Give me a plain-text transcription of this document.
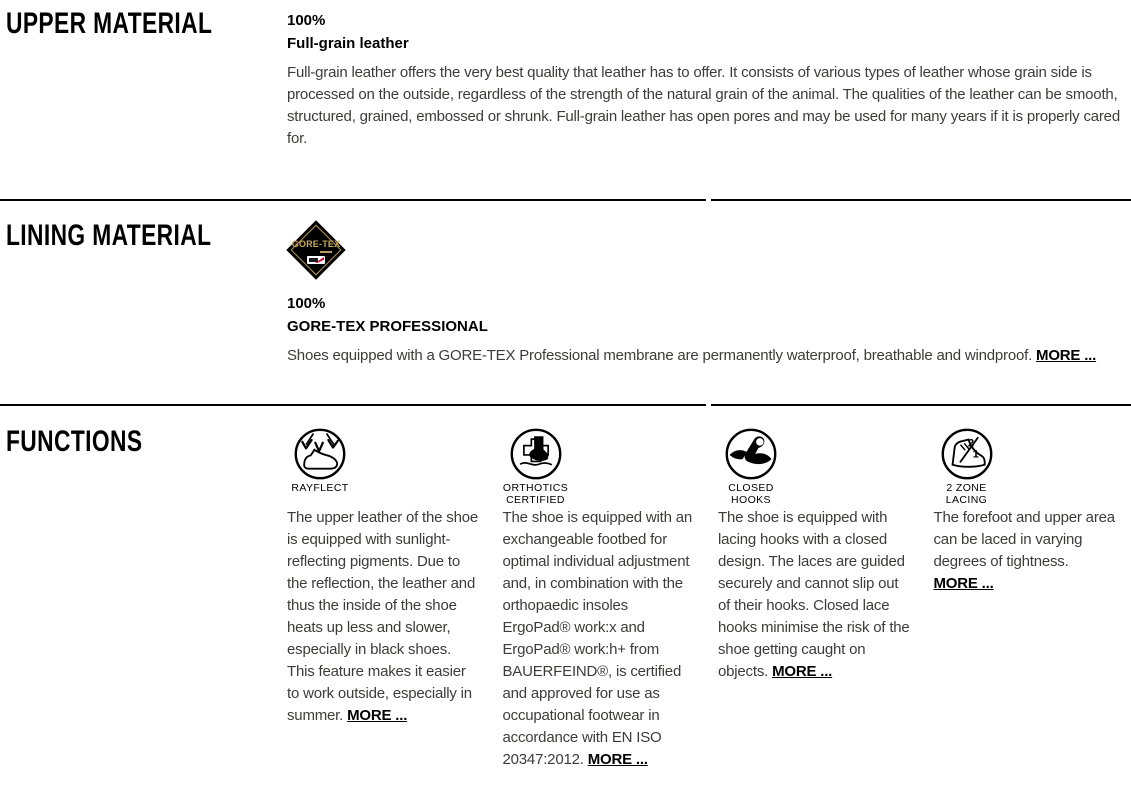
UPPER MATERIAL	100%
Full-grain leather

Full-grain leather offers the very best quality that leather has to offer. It consists of various types of leather whose grain side is processed on the outside, regardless of the strength of the natural grain of the animal. The qualities of the leather can be smooth, structured, grained, embossed or shrunk. Full-grain leather has open pores and may be used for many years if it is properly cared for.

LINING MATERIAL	GORE-TEX
100%
GORE-TEX PROFESSIONAL

Shoes equipped with a GORE-TEX Professional membrane are permanently waterproof, breathable and windproof. MORE ...

FUNCTIONS
RAYFLECT

The upper leather of the shoe is equipped with sunlight-reflecting pigments. Due to the reflection, the leather and thus the inside of the shoe heats up less and slower, especially in black shoes. This feature makes it easier to work outside, especially in summer. MORE ...

ORTHOTICS CERTIFIED

The shoe is equipped with an exchangeable footbed for optimal individual adjustment and, in combination with the orthopaedic insoles ErgoPad® work:x and ErgoPad® work:h+ from BAUERFEIND®, is certified and approved for use as occupational footwear in accordance with EN ISO 20347:2012. MORE ...

CLOSED HOOKS

The shoe is equipped with lacing hooks with a closed design. The laces are guided securely and cannot slip out of their hooks. Closed lace hooks minimise the risk of the shoe getting caught on objects. MORE ...

2
1
2 ZONE LACING

The forefoot and upper area can be laced in varying degrees of tightness. MORE ...
